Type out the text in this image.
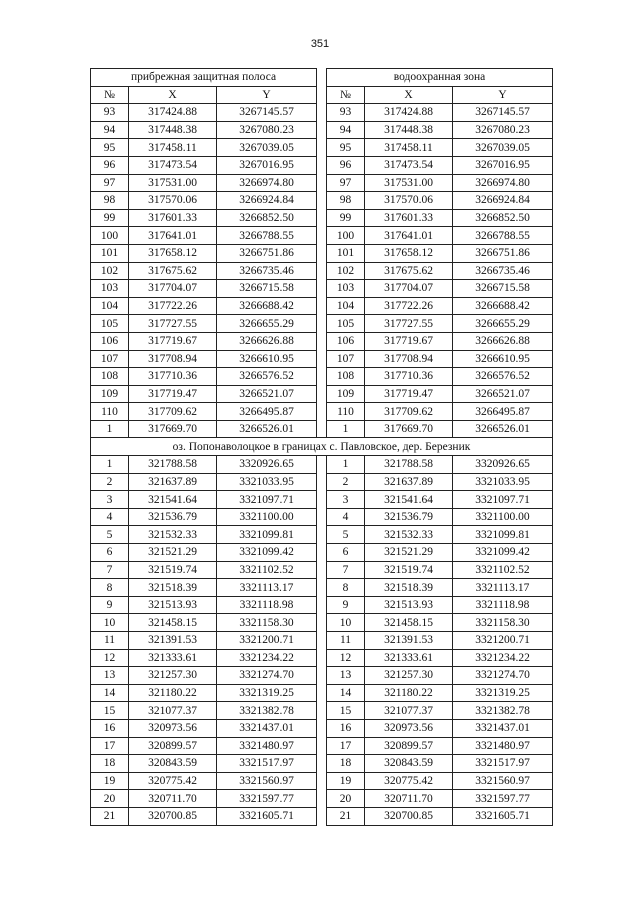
351
прибрежная защитная полоса				водоохранная зона		
№	X	Y		№	X	Y
93	317424.88	3267145.57		93	317424.88	3267145.57
94	317448.38	3267080.23		94	317448.38	3267080.23
95	317458.11	3267039.05		95	317458.11	3267039.05
96	317473.54	3267016.95		96	317473.54	3267016.95
97	317531.00	3266974.80		97	317531.00	3266974.80
98	317570.06	3266924.84		98	317570.06	3266924.84
99	317601.33	3266852.50		99	317601.33	3266852.50
100	317641.01	3266788.55		100	317641.01	3266788.55
101	317658.12	3266751.86		101	317658.12	3266751.86
102	317675.62	3266735.46		102	317675.62	3266735.46
103	317704.07	3266715.58		103	317704.07	3266715.58
104	317722.26	3266688.42		104	317722.26	3266688.42
105	317727.55	3266655.29		105	317727.55	3266655.29
106	317719.67	3266626.88		106	317719.67	3266626.88
107	317708.94	3266610.95		107	317708.94	3266610.95
108	317710.36	3266576.52		108	317710.36	3266576.52
109	317719.47	3266521.07		109	317719.47	3266521.07
110	317709.62	3266495.87		110	317709.62	3266495.87
1	317669.70	3266526.01		1	317669.70	3266526.01
оз. Попонаволоцкое в границах с. Павловское, дер. Березник						
1	321788.58	3320926.65		1	321788.58	3320926.65
2	321637.89	3321033.95		2	321637.89	3321033.95
3	321541.64	3321097.71		3	321541.64	3321097.71
4	321536.79	3321100.00		4	321536.79	3321100.00
5	321532.33	3321099.81		5	321532.33	3321099.81
6	321521.29	3321099.42		6	321521.29	3321099.42
7	321519.74	3321102.52		7	321519.74	3321102.52
8	321518.39	3321113.17		8	321518.39	3321113.17
9	321513.93	3321118.98		9	321513.93	3321118.98
10	321458.15	3321158.30		10	321458.15	3321158.30
11	321391.53	3321200.71		11	321391.53	3321200.71
12	321333.61	3321234.22		12	321333.61	3321234.22
13	321257.30	3321274.70		13	321257.30	3321274.70
14	321180.22	3321319.25		14	321180.22	3321319.25
15	321077.37	3321382.78		15	321077.37	3321382.78
16	320973.56	3321437.01		16	320973.56	3321437.01
17	320899.57	3321480.97		17	320899.57	3321480.97
18	320843.59	3321517.97		18	320843.59	3321517.97
19	320775.42	3321560.97		19	320775.42	3321560.97
20	320711.70	3321597.77		20	320711.70	3321597.77
21	320700.85	3321605.71		21	320700.85	3321605.71
